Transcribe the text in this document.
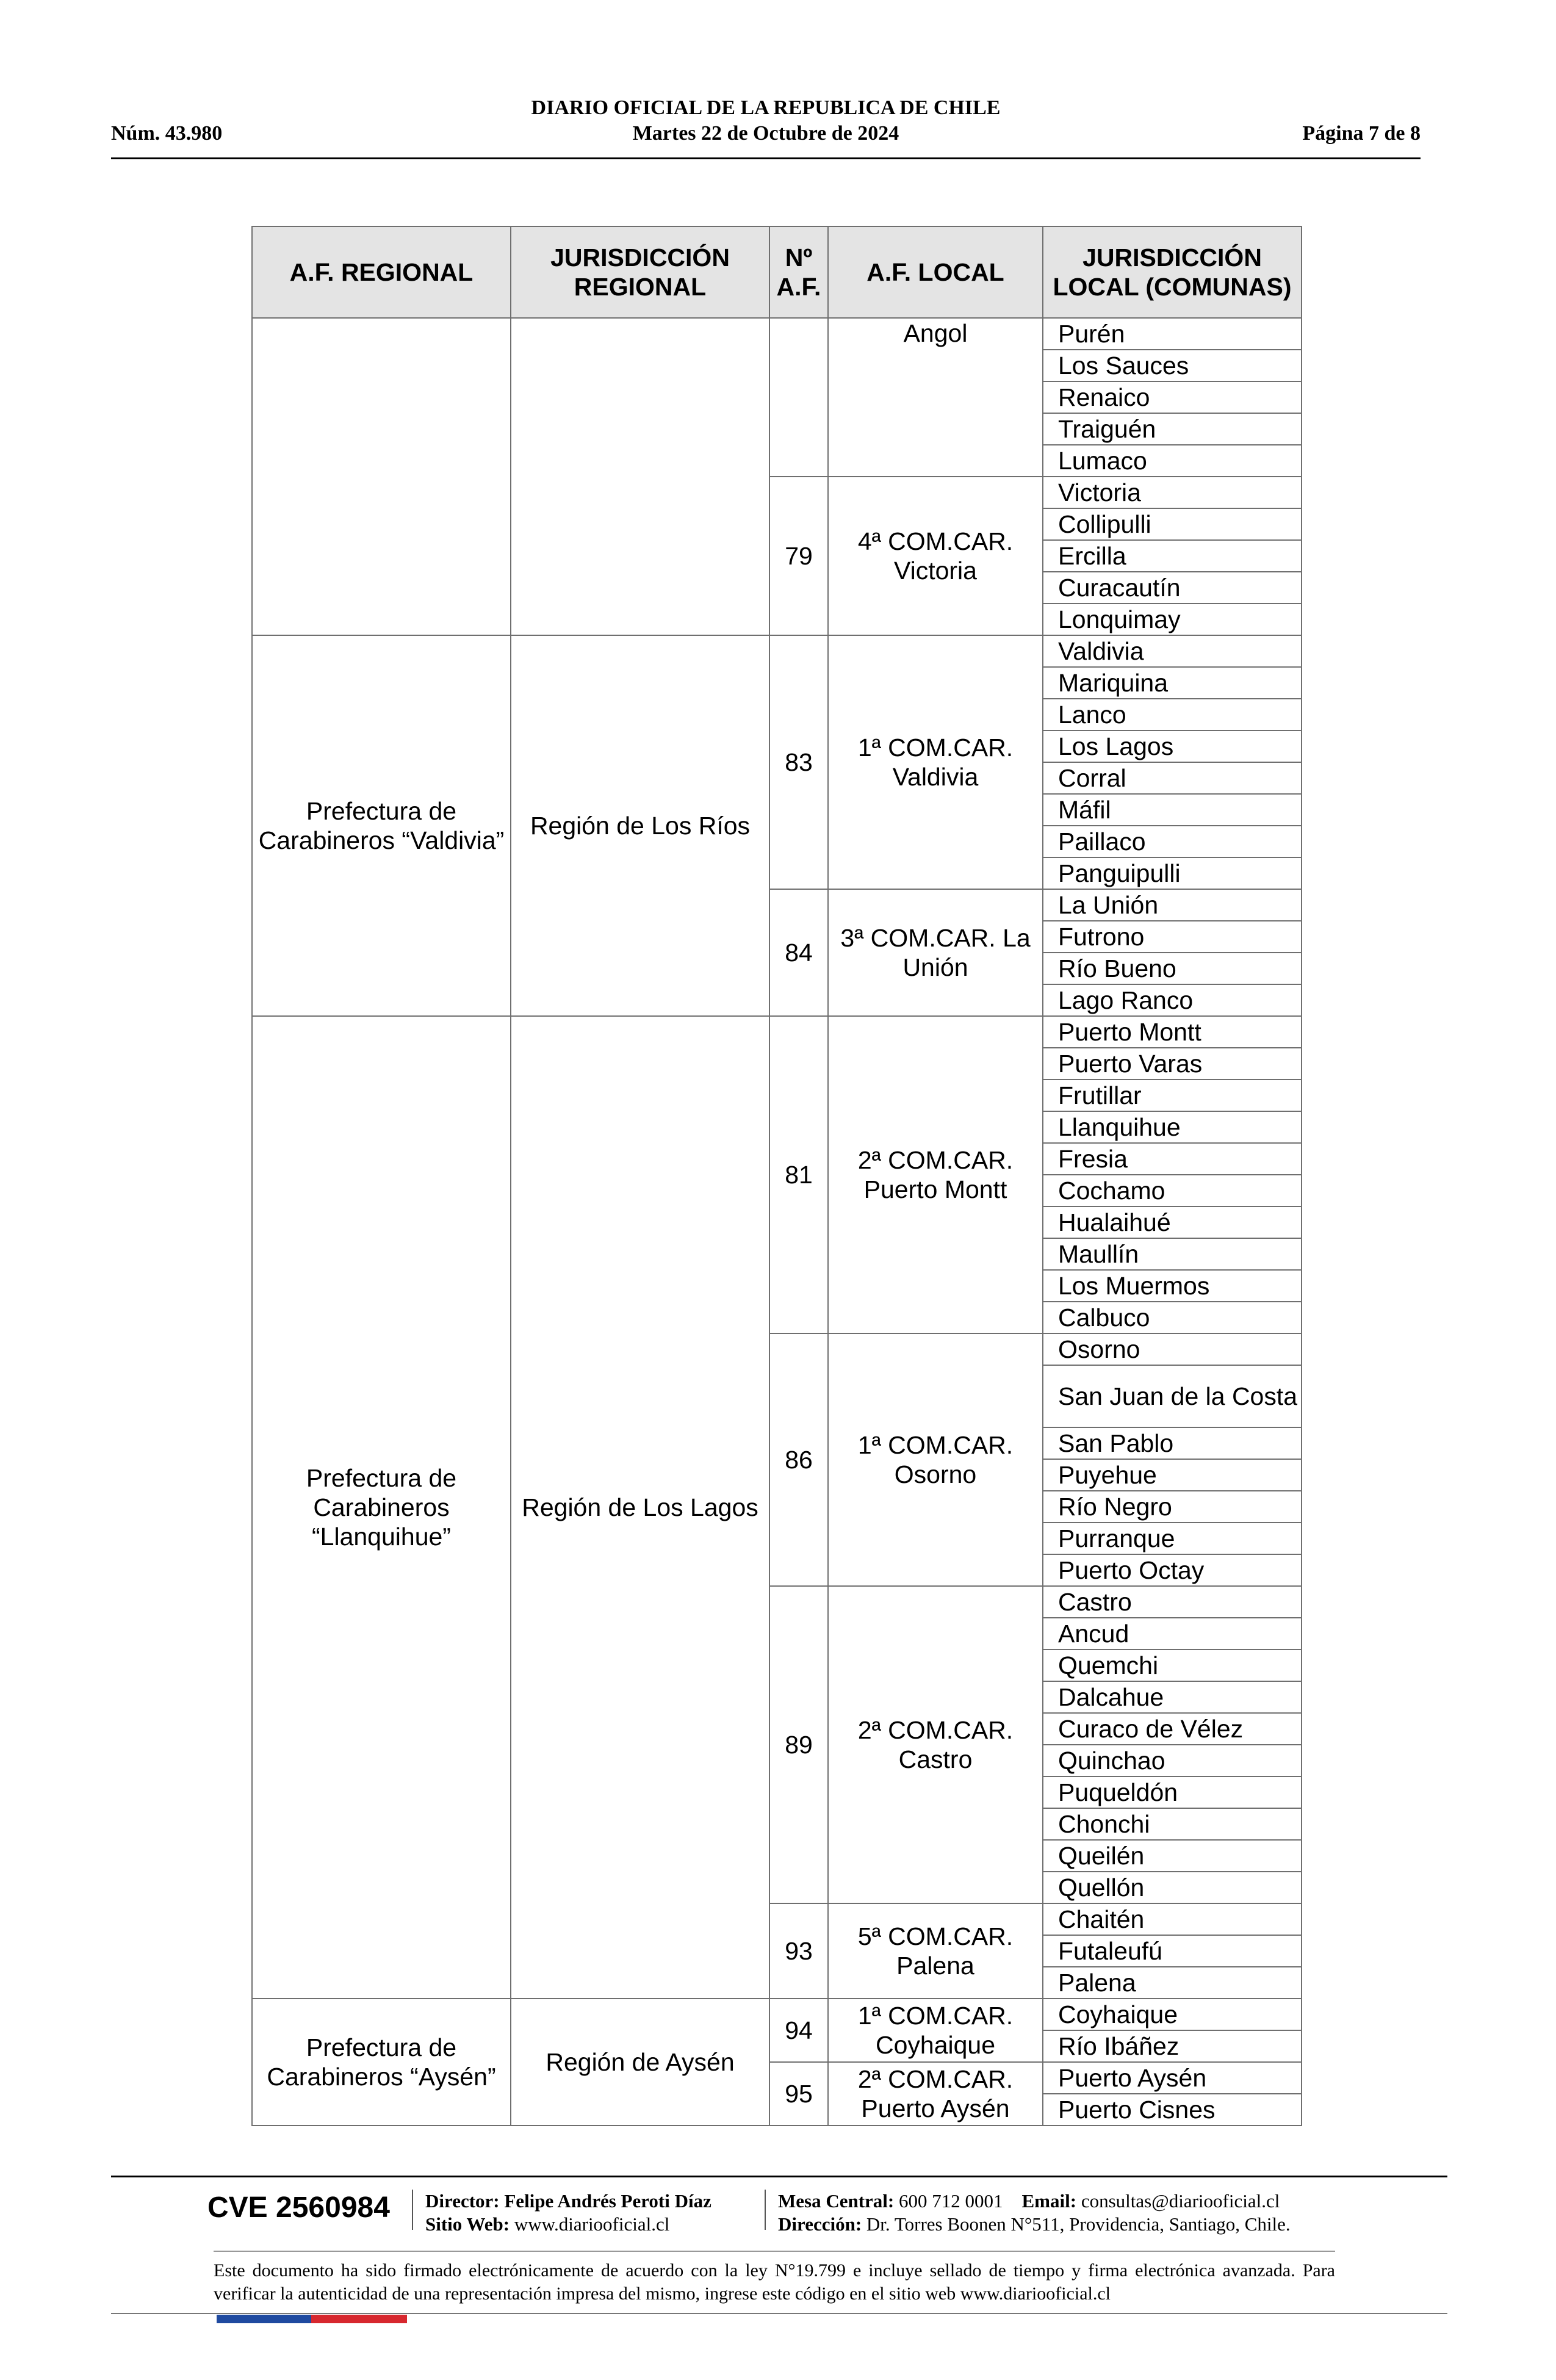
DIARIO OFICIAL DE LA REPUBLICA DE CHILE
Martes 22 de Octubre de 2024
Núm. 43.980	Página 7 de 8
A.F. REGIONAL	JURISDICCIÓN REGIONAL	Nº A.F.	A.F. LOCAL	JURISDICCIÓN LOCAL (COMUNAS)
			Angol	Purén
				Los Sauces
				Renaico
				Traiguén
				Lumaco
		79	4ª COM.CAR. Victoria	Victoria
				Collipulli
				Ercilla
				Curacautín
				Lonquimay
Prefectura de Carabineros “Valdivia”	Región de Los Ríos	83	1ª COM.CAR. Valdivia	Valdivia
				Mariquina
				Lanco
				Los Lagos
				Corral
				Máfil
				Paillaco
				Panguipulli
		84	3ª COM.CAR. La Unión	La Unión
				Futrono
				Río Bueno
				Lago Ranco
Prefectura de Carabineros “Llanquihue”	Región de Los Lagos	81	2ª COM.CAR. Puerto Montt	Puerto Montt
				Puerto Varas
				Frutillar
				Llanquihue
				Fresia
				Cochamo
				Hualaihué
				Maullín
				Los Muermos
				Calbuco
		86	1ª COM.CAR. Osorno	Osorno
				San Juan de la Costa
				San Pablo
				Puyehue
				Río Negro
				Purranque
				Puerto Octay
		89	2ª COM.CAR. Castro	Castro
				Ancud
				Quemchi
				Dalcahue
				Curaco de Vélez
				Quinchao
				Puqueldón
				Chonchi
				Queilén
				Quellón
		93	5ª COM.CAR. Palena	Chaitén
				Futaleufú
				Palena
Prefectura de Carabineros “Aysén”	Región de Aysén	94	1ª COM.CAR. Coyhaique	Coyhaique
				Río Ibáñez
		95	2ª COM.CAR. Puerto Aysén	Puerto Aysén
				Puerto Cisnes
CVE 2560984 Director: Felipe Andrés Peroti Díaz
Sitio Web: www.diariooficial.cl
Mesa Central: 600 712 0001 Email: consultas@diariooficial.cl
Dirección: Dr. Torres Boonen N°511, Providencia, Santiago, Chile.
Este documento ha sido firmado electrónicamente de acuerdo con la ley N°19.799 e incluye sellado de tiempo y firma electrónica avanzada. Para verificar la autenticidad de una representación impresa del mismo, ingrese este código en el sitio web www.diariooficial.cl
